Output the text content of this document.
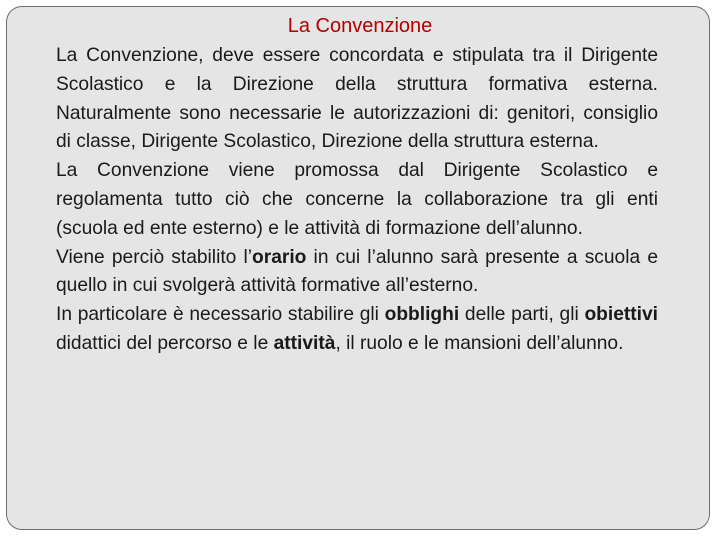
La Convenzione

La Convenzione, deve essere concordata e stipulata tra il Dirigente Scolastico e la Direzione della struttura formativa esterna. Naturalmente sono necessarie le autorizzazioni di: genitori, consiglio di classe, Dirigente Scolastico, Direzione della struttura esterna.

La Convenzione viene promossa dal Dirigente Scolastico e regolamenta tutto ciò che concerne la collaborazione tra gli enti (scuola ed ente esterno) e le attività di formazione dell’alunno.

Viene perciò stabilito l’orario in cui l’alunno sarà presente a scuola e quello in cui svolgerà attività formative all’esterno.

In particolare è necessario stabilire gli obblighi delle parti, gli obiettivi didattici del percorso e le attività, il ruolo e le mansioni dell’alunno.
